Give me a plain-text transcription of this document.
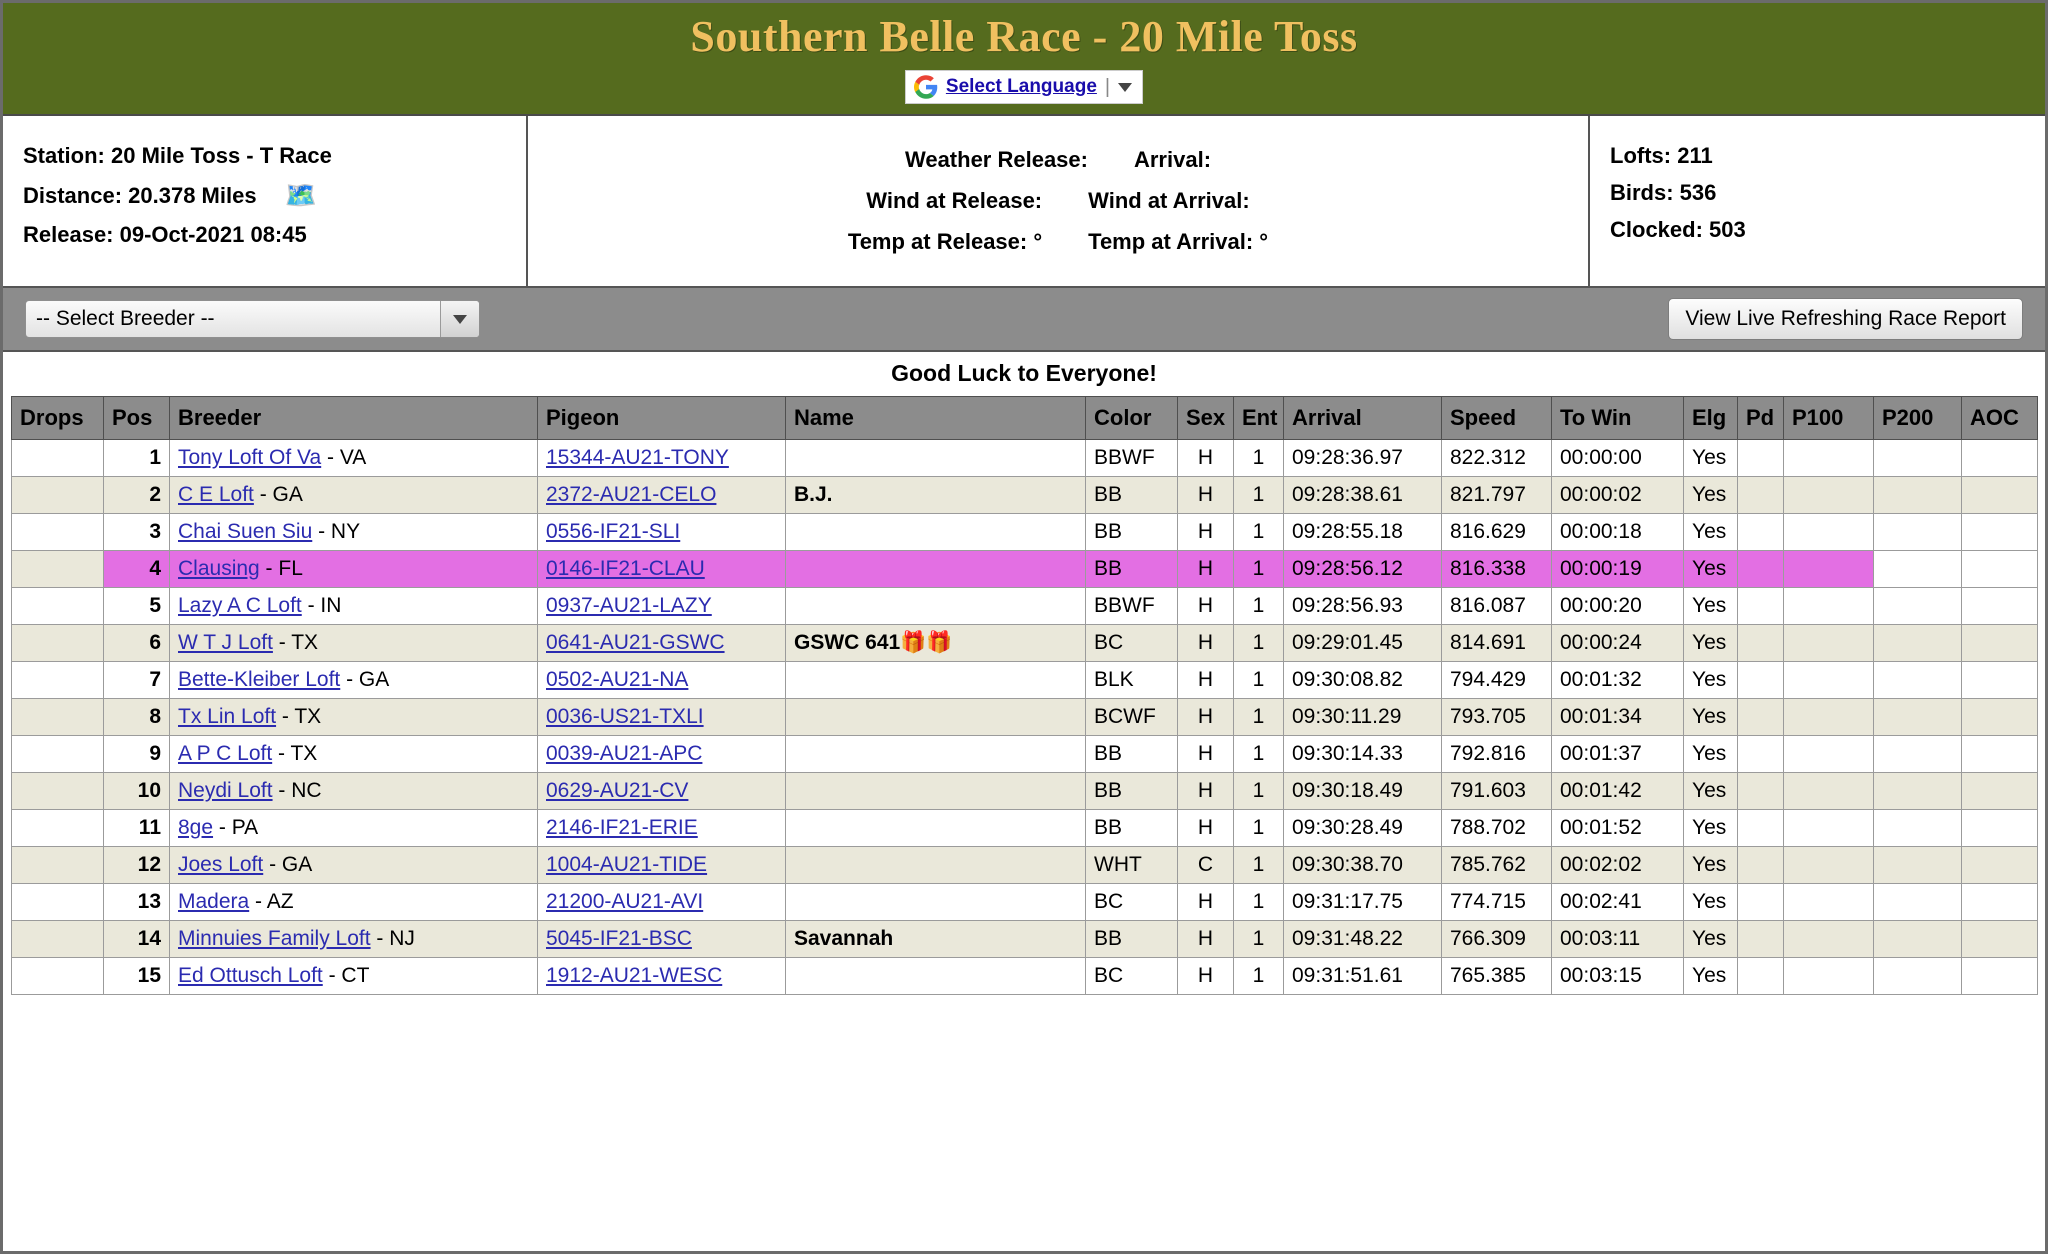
Southern Belle Race - 20 Mile Toss
Select Language |
Station: 20 Mile Toss - T Race
Distance: 20.378 Miles 🗺️
Release: 09-Oct-2021 08:45
Weather Release: Arrival:
Wind at Release: Wind at Arrival:
Temp at Release: ° Temp at Arrival: °
Lofts: 211
Birds: 536
Clocked: 503
-- Select Breeder --	View Live Refreshing Race Report
Good Luck to Everyone!
Drops	Pos	Breeder	Pigeon	Name	Color	Sex	Ent	Arrival	Speed	To Win	Elg	Pd	P100	P200	AOC
	1	Tony Loft Of Va - VA	15344-AU21-TONY		BBWF	H	1	09:28:36.97	822.312	00:00:00	Yes				
	2	C E Loft - GA	2372-AU21-CELO	B.J.	BB	H	1	09:28:38.61	821.797	00:00:02	Yes				
	3	Chai Suen Siu - NY	0556-IF21-SLI		BB	H	1	09:28:55.18	816.629	00:00:18	Yes				
	4	Clausing - FL	0146-IF21-CLAU		BB	H	1	09:28:56.12	816.338	00:00:19	Yes				
	5	Lazy A C Loft - IN	0937-AU21-LAZY		BBWF	H	1	09:28:56.93	816.087	00:00:20	Yes				
	6	W T J Loft - TX	0641-AU21-GSWC	GSWC 641🎁🎁	BC	H	1	09:29:01.45	814.691	00:00:24	Yes				
	7	Bette-Kleiber Loft - GA	0502-AU21-NA		BLK	H	1	09:30:08.82	794.429	00:01:32	Yes				
	8	Tx Lin Loft - TX	0036-US21-TXLI		BCWF	H	1	09:30:11.29	793.705	00:01:34	Yes				
	9	A P C Loft - TX	0039-AU21-APC		BB	H	1	09:30:14.33	792.816	00:01:37	Yes				
	10	Neydi Loft - NC	0629-AU21-CV		BB	H	1	09:30:18.49	791.603	00:01:42	Yes				
	11	8ge - PA	2146-IF21-ERIE		BB	H	1	09:30:28.49	788.702	00:01:52	Yes				
	12	Joes Loft - GA	1004-AU21-TIDE		WHT	C	1	09:30:38.70	785.762	00:02:02	Yes				
	13	Madera - AZ	21200-AU21-AVI		BC	H	1	09:31:17.75	774.715	00:02:41	Yes				
	14	Minnuies Family Loft - NJ	5045-IF21-BSC	Savannah	BB	H	1	09:31:48.22	766.309	00:03:11	Yes				
	15	Ed Ottusch Loft - CT	1912-AU21-WESC		BC	H	1	09:31:51.61	765.385	00:03:15	Yes				
